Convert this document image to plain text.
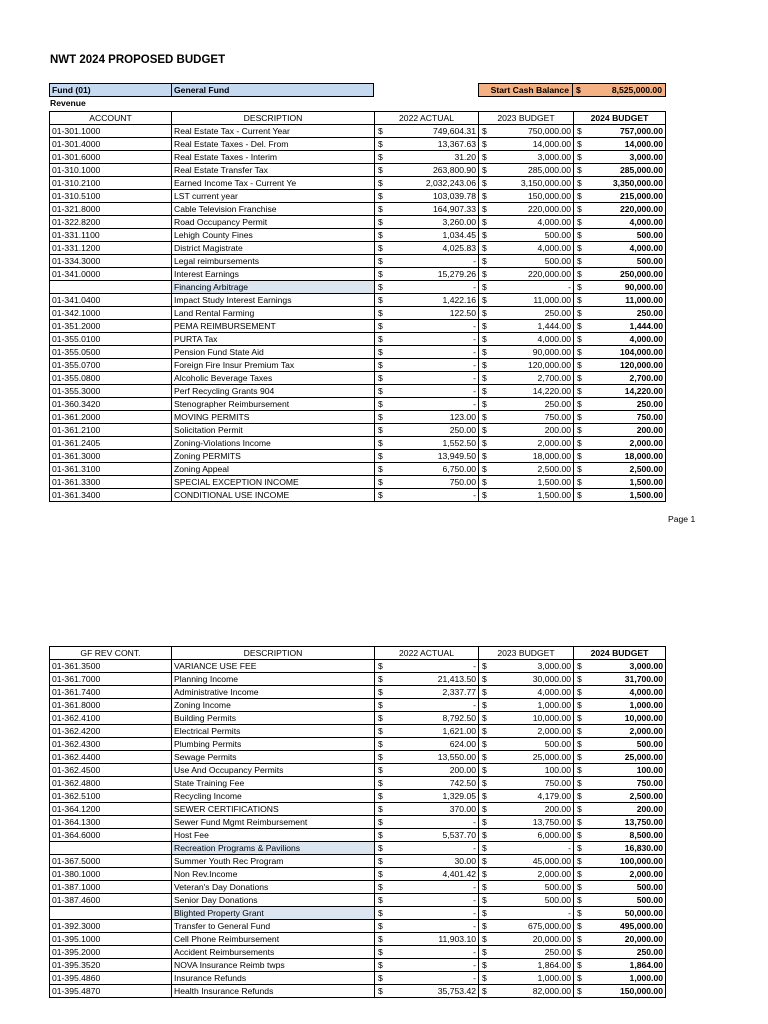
NWT 2024 PROPOSED BUDGET
Fund (01)	General Fund	Start Cash Balance $	8,525,000.00
Revenue
ACCOUNT	DESCRIPTION	2022 ACTUAL	2023 BUDGET	2024 BUDGET
01-301.1000	Real Estate Tax - Current Year	$ 749,604.31	$ 750,000.00	$ 757,000.00

01-301.4000	Real Estate Taxes - Del. From	$ 13,367.63	$ 14,000.00	$ 14,000.00

01-301.6000	Real Estate Taxes - Interim	$ 31.20	$ 3,000.00	$ 3,000.00

01-310.1000	Real Estate Transfer Tax	$ 263,800.90	$ 285,000.00	$ 285,000.00

01-310.2100	Earned Income Tax - Current Ye	$ 2,032,243.06	$ 3,150,000.00	$ 3,350,000.00

01-310.5100	LST current year	$ 103,039.78	$ 150,000.00	$ 215,000.00

01-321.8000	Cable Television Franchise	$ 164,907.33	$ 220,000.00	$ 220,000.00

01-322.8200	Road Occupancy Permit	$ 3,260.00	$ 4,000.00	$ 4,000.00

01-331.1100	Lehigh County Fines	$ 1,034.45	$ 500.00	$ 500.00

01-331.1200	District Magistrate	$ 4,025.83	$ 4,000.00	$ 4,000.00

01-334.3000	Legal reimbursements	$ -	$ 500.00	$ 500.00

01-341.0000	Interest Earnings	$ 15,279.26	$ 220,000.00	$ 250,000.00

	Financing Arbitrage	$ -	$ -	$ 90,000.00

01-341.0400	Impact Study Interest Earnings	$ 1,422.16	$ 11,000.00	$ 11,000.00

01-342.1000	Land Rental Farming	$ 122.50	$ 250.00	$ 250.00

01-351.2000	PEMA REIMBURSEMENT	$ -	$ 1,444.00	$ 1,444.00

01-355.0100	PURTA Tax	$ -	$ 4,000.00	$ 4,000.00

01-355.0500	Pension Fund State Aid	$ -	$ 90,000.00	$ 104,000.00

01-355.0700	Foreign Fire Insur Premium Tax	$ -	$ 120,000.00	$ 120,000.00

01-355.0800	Alcoholic Beverage Taxes	$ -	$ 2,700.00	$ 2,700.00

01-355.3000	Perf Recycling Grants 904	$ -	$ 14,220.00	$ 14,220.00

01-360.3420	Stenographer Reimbursement	$ -	$ 250.00	$ 250.00

01-361.2000	MOVING PERMITS	$ 123.00	$ 750.00	$ 750.00

01-361.2100	Solicitation Permit	$ 250.00	$ 200.00	$ 200.00

01-361.2405	Zoning-Violations Income	$ 1,552.50	$ 2,000.00	$ 2,000.00

01-361.3000	Zoning PERMITS	$ 13,949.50	$ 18,000.00	$ 18,000.00

01-361.3100	Zoning Appeal	$ 6,750.00	$ 2,500.00	$ 2,500.00

01-361.3300	SPECIAL EXCEPTION INCOME	$ 750.00	$ 1,500.00	$ 1,500.00

01-361.3400	CONDITIONAL USE INCOME	$ -	$ 1,500.00	$ 1,500.00
Page 1
GF REV CONT.	DESCRIPTION	2022 ACTUAL	2023 BUDGET	2024 BUDGET
01-361.3500	VARIANCE USE FEE	$ -	$ 3,000.00	$ 3,000.00

01-361.7000	Planning Income	$ 21,413.50	$ 30,000.00	$ 31,700.00

01-361.7400	Administrative Income	$ 2,337.77	$ 4,000.00	$ 4,000.00

01-361.8000	Zoning Income	$ -	$ 1,000.00	$ 1,000.00

01-362.4100	Building Permits	$ 8,792.50	$ 10,000.00	$ 10,000.00

01-362.4200	Electrical Permits	$ 1,621.00	$ 2,000.00	$ 2,000.00

01-362.4300	Plumbing Permits	$ 624.00	$ 500.00	$ 500.00

01-362.4400	Sewage Permits	$ 13,550.00	$ 25,000.00	$ 25,000.00

01-362.4500	Use And Occupancy Permits	$ 200.00	$ 100.00	$ 100.00

01-362.4800	State Training Fee	$ 742.50	$ 750.00	$ 750.00

01-362.5100	Recycling Income	$ 1,329.05	$ 4,179.00	$ 2,500.00

01-364.1200	SEWER CERTIFICATIONS	$ 370.00	$ 200.00	$ 200.00

01-364.1300	Sewer Fund Mgmt Reimbursement	$ -	$ 13,750.00	$ 13,750.00

01-364.6000	Host Fee	$ 5,537.70	$ 6,000.00	$ 8,500.00

	Recreation Programs & Pavilions	$ -	$ -	$ 16,830.00

01-367.5000	Summer Youth Rec Program	$ 30.00	$ 45,000.00	$ 100,000.00

01-380.1000	Non Rev.Income	$ 4,401.42	$ 2,000.00	$ 2,000.00

01-387.1000	Veteran's Day Donations	$ -	$ 500.00	$ 500.00

01-387.4600	Senior Day Donations	$ -	$ 500.00	$ 500.00

	Blighted Property Grant	$ -	$ -	$ 50,000.00

01-392.3000	Transfer to General Fund	$ -	$ 675,000.00	$ 495,000.00

01-395.1000	Cell Phone Reimbursement	$ 11,903.10	$ 20,000.00	$ 20,000.00

01-395.2000	Accident Reimbursements	$ -	$ 250.00	$ 250.00

01-395.3520	NOVA Insurance Reimb twps	$ -	$ 1,864.00	$ 1,864.00

01-395.4860	Insurance Refunds	$ -	$ 1,000.00	$ 1,000.00

01-395.4870	Health Insurance Refunds	$ 35,753.42	$ 82,000.00	$ 150,000.00
